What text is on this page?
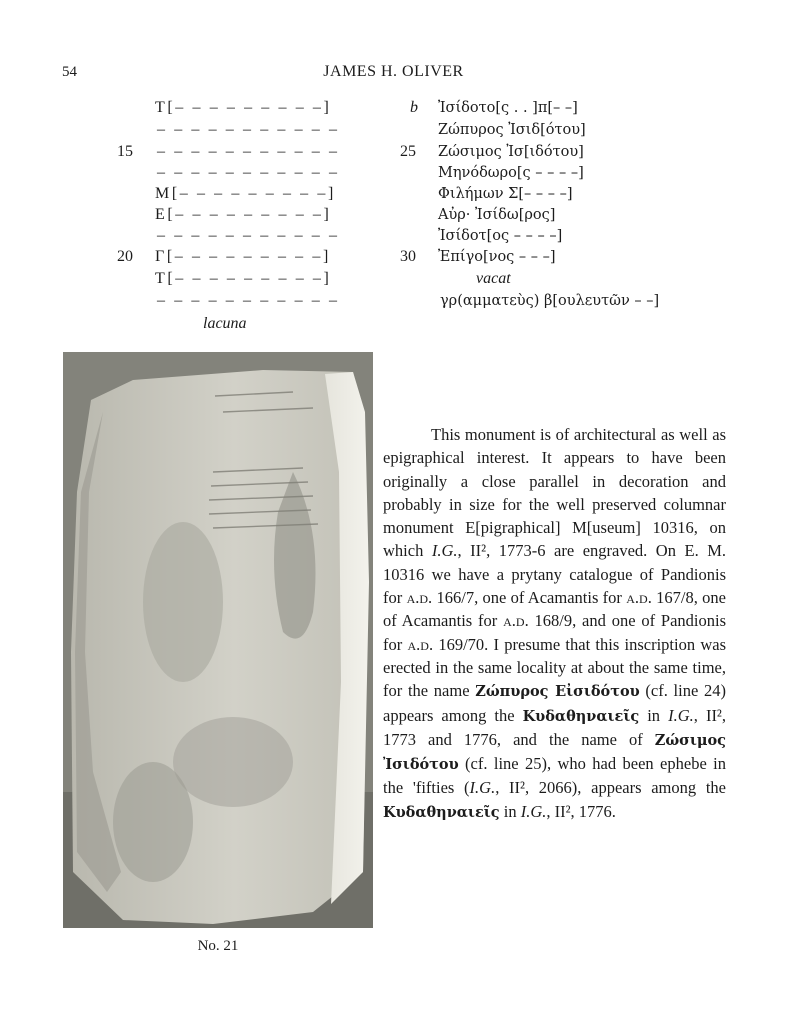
54	JAMES H. OLIVER
15
20
T[– – – – – – – – –]
– – – – – – – – – – –
– – – – – – – – – – –
– – – – – – – – – – –
M[– – – – – – – – –]
E[– – – – – – – – –]
– – – – – – – – – – –
Γ[– – – – – – – – –]
T[– – – – – – – – –]
– – – – – – – – – – –
lacuna
b
25
30
Ἰσίδοτο[ς . . ]π[– –]
Ζώπυρος Ἰσιδ[ότου]
Ζώσιμος Ἰσ[ιδότου]
Μηνόδωρο[ς – – – –]
Φιλήμων Σ[– – – –]
Αὐρ· Ἰσίδω[ρος]
Ἰσίδοτ[ος – – – –]
Ἐπίγο[νος – – –]
vacat
γρ(αμματεὺς) β[ουλευτῶν – –]
No. 21

This monument is of architectural as well as epigraphical interest. It appears to have been originally a close parallel in decoration and probably in size for the well preserved columnar monument E[pigraphical] M[useum] 10316, on which I.G., II², 1773-6 are engraved. On E. M. 10316 we have a prytany catalogue of Pandionis for a.d. 166/7, one of Acamantis for a.d. 167/8, one of Acamantis for a.d. 168/9, and one of Pandionis for a.d. 169/70. I presume that this inscription was erected in the same locality at about the same time, for the name Ζώπυρος Εἰσιδότου (cf. line 24) appears among the Κυδαθηναιεῖς in I.G., II², 1773 and 1776, and the name of Ζώσιμος Ἰσιδότου (cf. line 25), who had been ephebe in the 'fifties (I.G., II², 2066), appears among the Κυδαθηναιεῖς in I.G., II², 1776.
